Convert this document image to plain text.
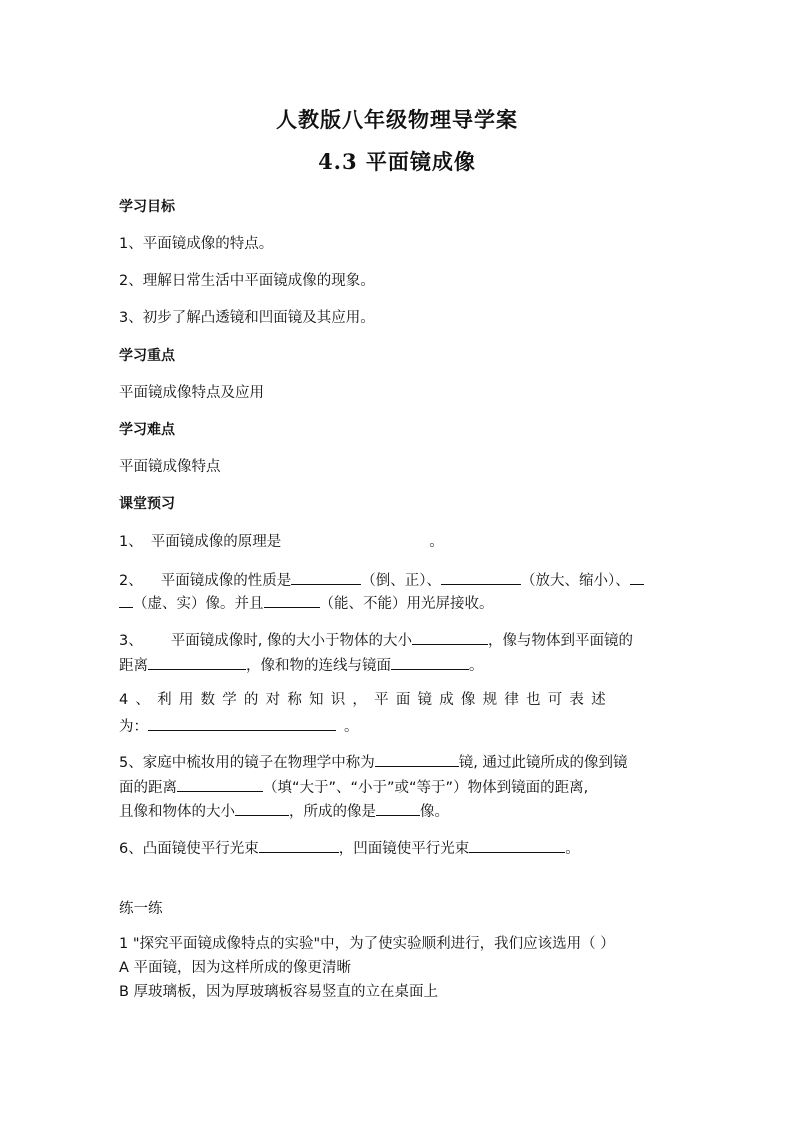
人教版八年级物理导学案
4.3 平面镜成像
学习目标
1、平面镜成像的特点。
2、理解日常生活中平面镜成像的现象。
3、初步了解凸透镜和凹面镜及其应用。
学习重点
平面镜成像特点及应用
学习难点
平面镜成像特点
课堂预习
1、 平面镜成像的原理是	。
2、 平面镜成像的性质是	（倒、正）、	（放大、缩小）、
（虚、实）像。并且	（能、不能）用光屏接收。
3、 平面镜成像时, 像的大小于物体的大小	，像与物体到平面镜的
距离	，像和物的连线与镜面	。
4、利用数学的对称知识，平面镜成像规律也可表述
为：	。
5、家庭中梳妆用的镜子在物理学中称为	镜, 通过此镜所成的像到镜
面的距离	（填“大于”、“小于”或“等于”）物体到镜面的距离,
且像和物体的大小	，所成的像是	像。
6、凸面镜使平行光束	，凹面镜使平行光束	。
练一练
1 "探究平面镜成像特点的实验"中，为了使实验顺利进行，我们应该选用（ ）
A 平面镜，因为这样所成的像更清晰
B 厚玻璃板，因为厚玻璃板容易竖直的立在桌面上
